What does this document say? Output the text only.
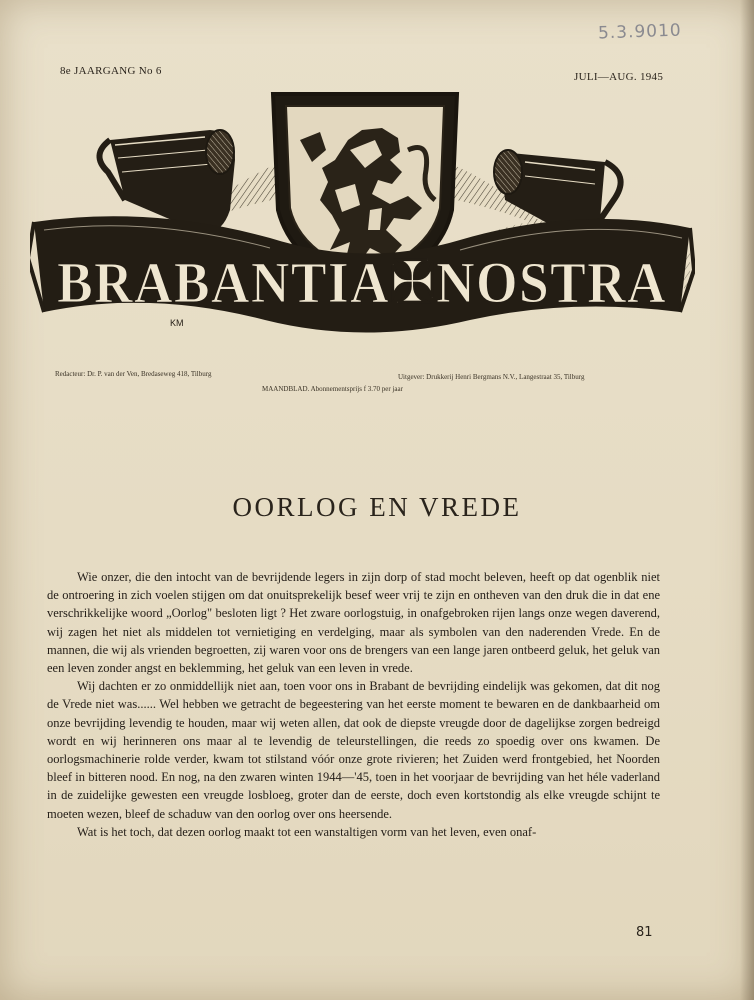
5.3.9010
8e JAARGANG No 6	JULI—AUG. 1945
BRABANTIA✠NOSTRA
KM
Redacteur: Dr. P. van der Ven, Bredaseweg 418, Tilburg	Uitgever: Drukkerij Henri Bergmans N.V., Langestraat 35, Tilburg
MAANDBLAD. Abonnementsprijs f 3.70 per jaar
OORLOG EN VREDE

Wie onzer, die den intocht van de bevrijdende legers in zijn dorp of stad mocht beleven, heeft op dat ogenblik niet de ontroering in zich voelen stijgen om dat onuitsprekelijk besef weer vrij te zijn en ontheven van den druk die in dat ene verschrikkelijke woord „Oorlog" besloten ligt ? Het zware oorlogstuig, in onafgebroken rijen langs onze wegen daverend, wij zagen het niet als middelen tot vernietiging en verdelging, maar als symbolen van den naderenden Vrede. En de mannen, die wij als vrienden begroetten, zij waren voor ons de brengers van een lange jaren ontbeerd geluk, het geluk van een leven zonder angst en beklemming, het geluk van een leven in vrede.

Wij dachten er zo onmiddellijk niet aan, toen voor ons in Brabant de bevrijding eindelijk was gekomen, dat dit nog de Vrede niet was...... Wel hebben we getracht de begeestering van het eerste moment te bewaren en de dankbaarheid om onze bevrijding levendig te houden, maar wij weten allen, dat ook de diepste vreugde door de dagelijkse zorgen bedreigd wordt en wij herinneren ons maar al te levendig de teleurstellingen, die reeds zo spoedig over ons kwamen. De oorlogsmachinerie rolde verder, kwam tot stilstand vóór onze grote rivieren; het Zuiden werd frontgebied, het Noorden bleef in bitteren nood. En nog, na den zwaren winten 1944—'45, toen in het voorjaar de bevrijding van het héle vaderland in de zuidelijke gewesten een vreugde losbloeg, groter dan de eerste, doch even kortstondig als elke vreugde schijnt te moeten wezen, bleef de schaduw van den oorlog over ons heersende.

Wat is het toch, dat dezen oorlog maakt tot een wanstaltigen vorm van het leven, even onaf-

81
